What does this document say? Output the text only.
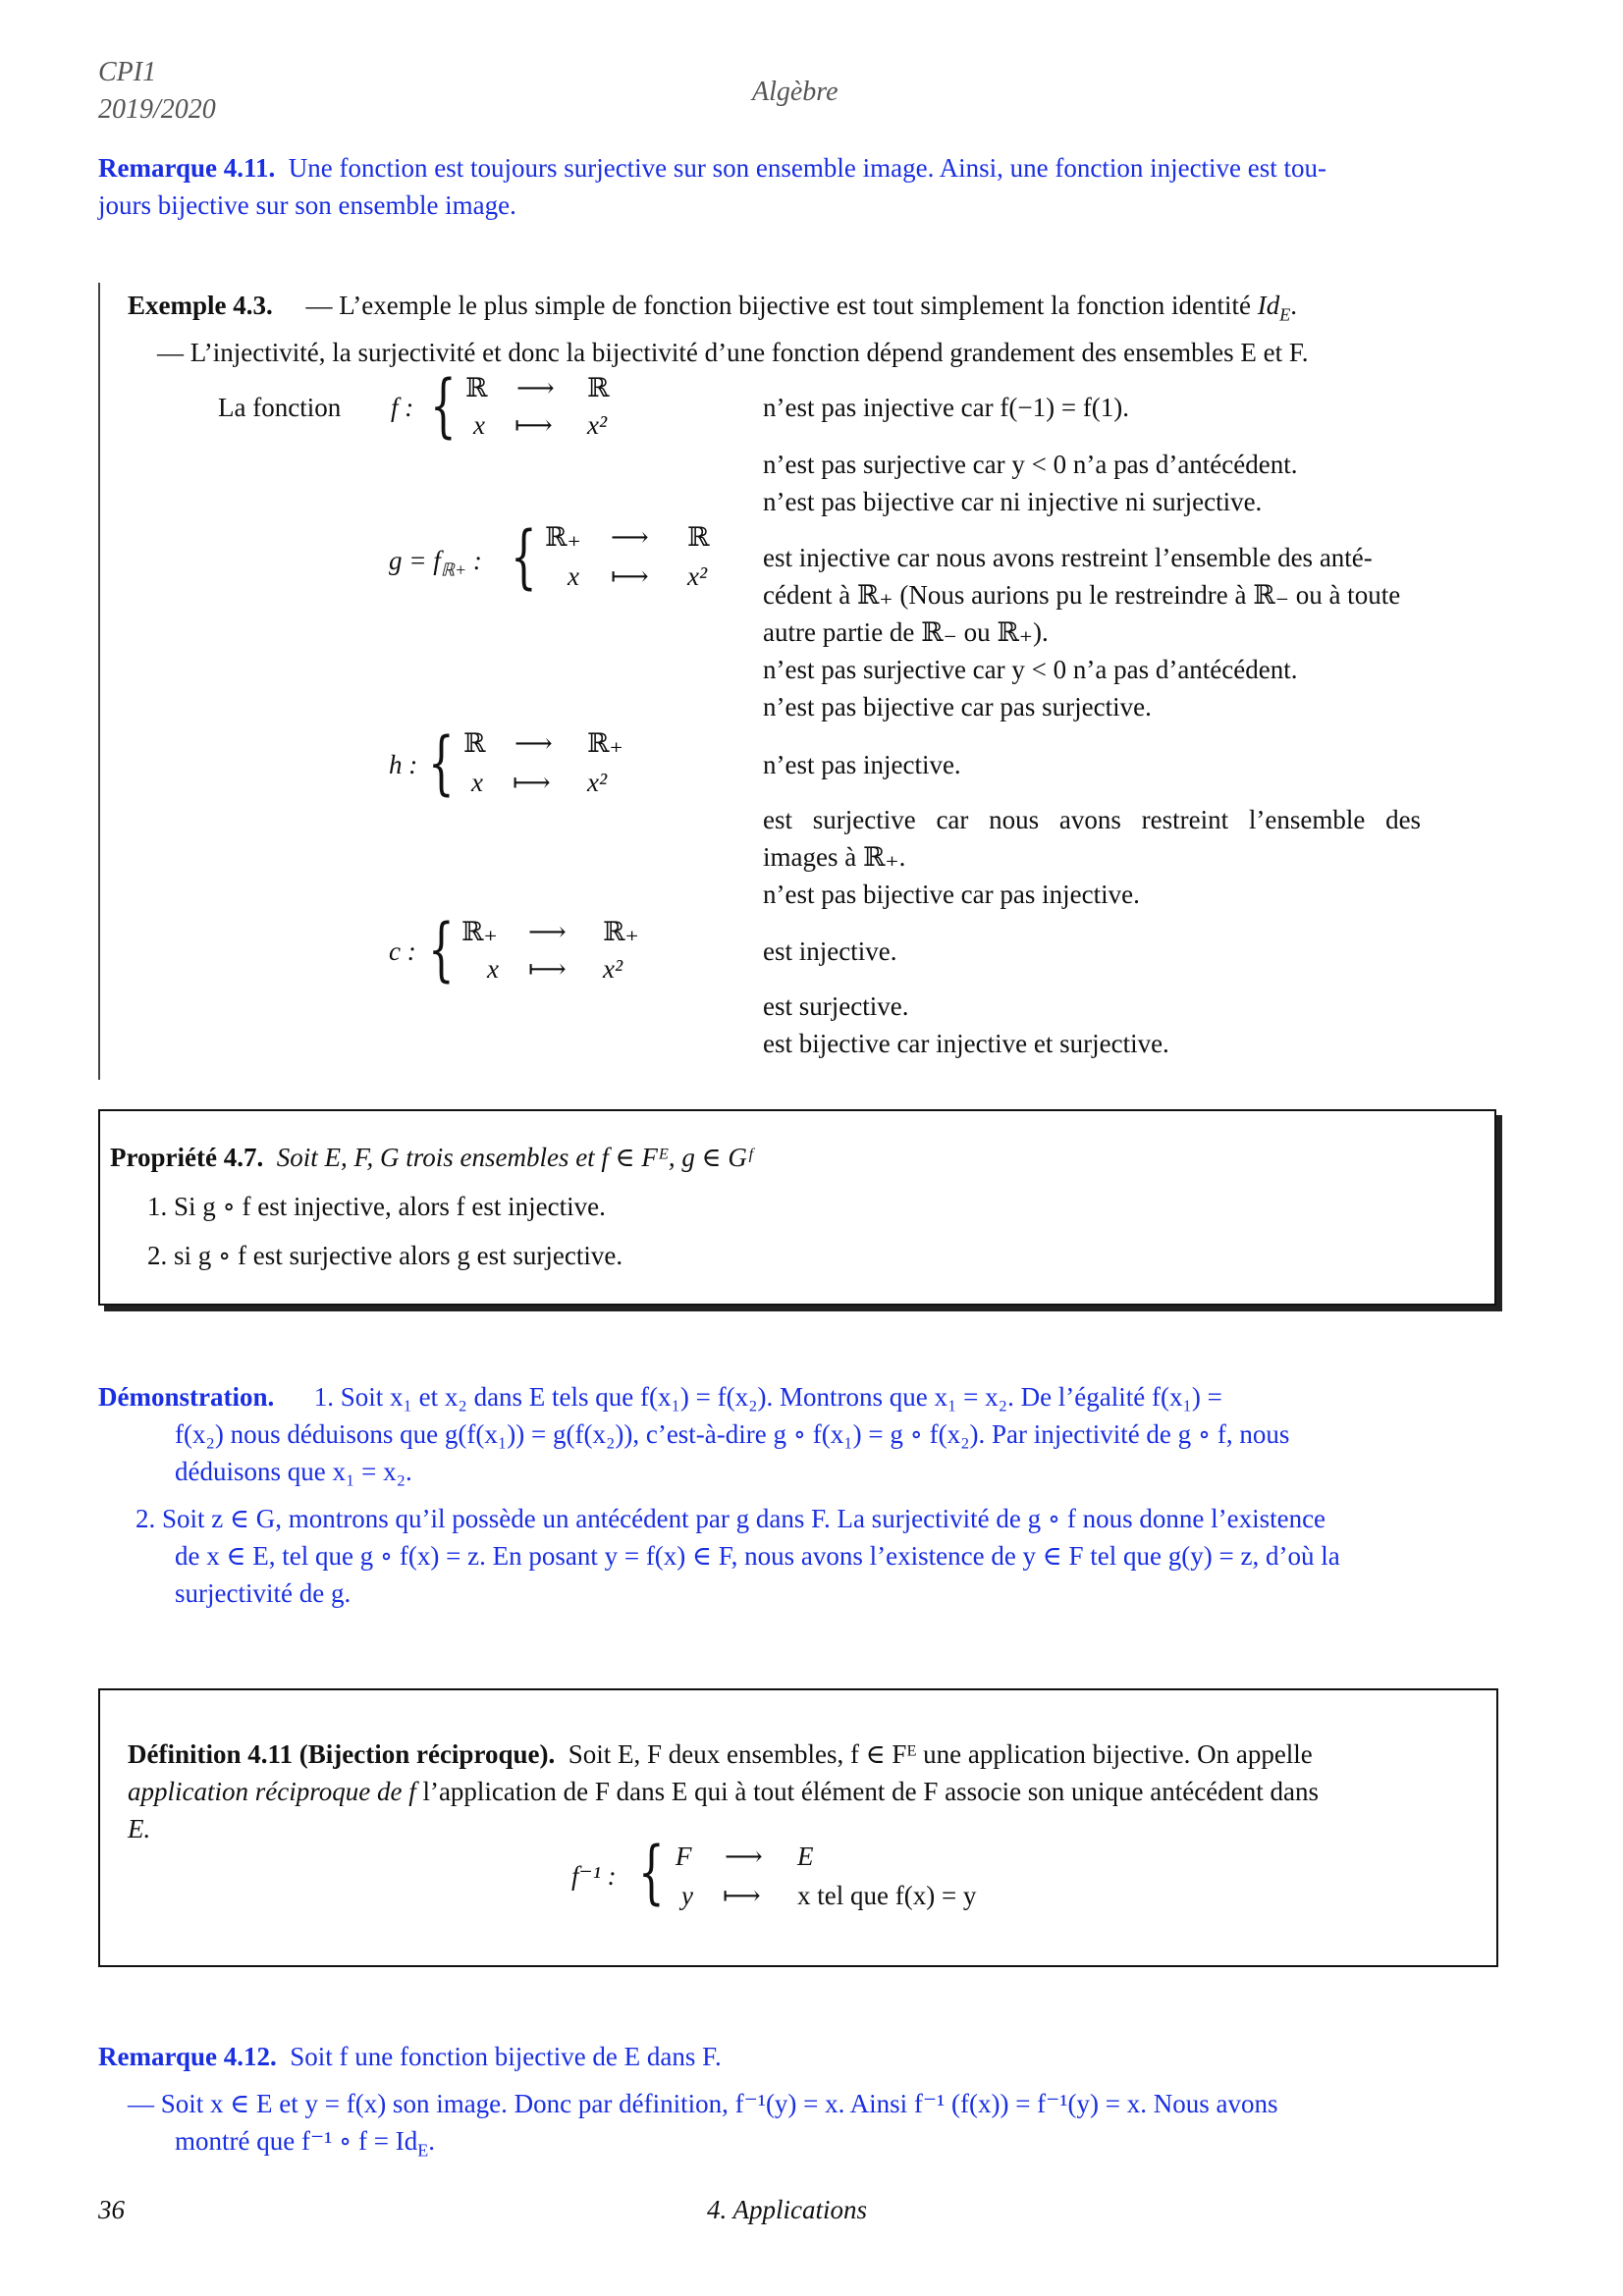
CPI1
2019/2020
Algèbre

Remarque 4.11. Une fonction est toujours surjective sur son ensemble image. Ainsi, une fonction injective est tou-

jours bijective sur son ensemble image.

Exemple 4.3. — L’exemple le plus simple de fonction bijective est tout simplement la fonction identité $Id_E$.
— L’injectivité, la surjectivité et donc la bijectivité d’une fonction dépend grandement des ensembles E et F.
La fonction f : { ℝ ⟶ ℝ
x ⟼ x²
n’est pas injective car f(−1) = f(1).
n’est pas surjective car y < 0 n’a pas d’antécédent.
n’est pas bijective car ni injective ni surjective.
$g = f_{ℝ+}$ : { ℝ₊ ⟶ ℝ
x ⟼ x²
est injective car nous avons restreint l’ensemble des anté-
cédent à ℝ₊ (Nous aurions pu le restreindre à ℝ₋ ou à toute
autre partie de ℝ₋ ou ℝ₊).
n’est pas surjective car y < 0 n’a pas d’antécédent.
n’est pas bijective car pas surjective.
h : { ℝ ⟶ ℝ₊
x ⟼ x²
n’est pas injective.
est surjective car nous avons restreint l’ensemble des
images à ℝ₊.
n’est pas bijective car pas injective.
c : { ℝ₊ ⟶ ℝ₊
x ⟼ x²
est injective.
est surjective.
est bijective car injective et surjective.
Propriété 4.7. Soit E, F, G trois ensembles et f ∈ Fᴱ, g ∈ Gᶠ
1. Si g ∘ f est injective, alors f est injective.
2. si g ∘ f est surjective alors g est surjective.
Démonstration. 1. Soit x₁ et x₂ dans E tels que f(x₁) = f(x₂). Montrons que x₁ = x₂. De l’égalité f(x₁) =
f(x₂) nous déduisons que g(f(x₁)) = g(f(x₂)), c’est-à-dire g ∘ f(x₁) = g ∘ f(x₂). Par injectivité de g ∘ f, nous
déduisons que x₁ = x₂.
2. Soit z ∈ G, montrons qu’il possède un antécédent par g dans F. La surjectivité de g ∘ f nous donne l’existence
de x ∈ E, tel que g ∘ f(x) = z. En posant y = f(x) ∈ F, nous avons l’existence de y ∈ F tel que g(y) = z, d’où la
surjectivité de g.
Définition 4.11 (Bijection réciproque). Soit E, F deux ensembles, f ∈ Fᴱ une application bijective. On appelle
application réciproque de f l’application de F dans E qui à tout élément de F associe son unique antécédent dans
E.
f⁻¹ : { F ⟶ E
y ⟼ x tel que f(x) = y
Remarque 4.12. Soit f une fonction bijective de E dans F.
— Soit x ∈ E et y = f(x) son image. Donc par définition, f⁻¹(y) = x. Ainsi f⁻¹ (f(x)) = f⁻¹(y) = x. Nous avons
montré que f⁻¹ ∘ $f = Id_E$.
36	4. Applications
